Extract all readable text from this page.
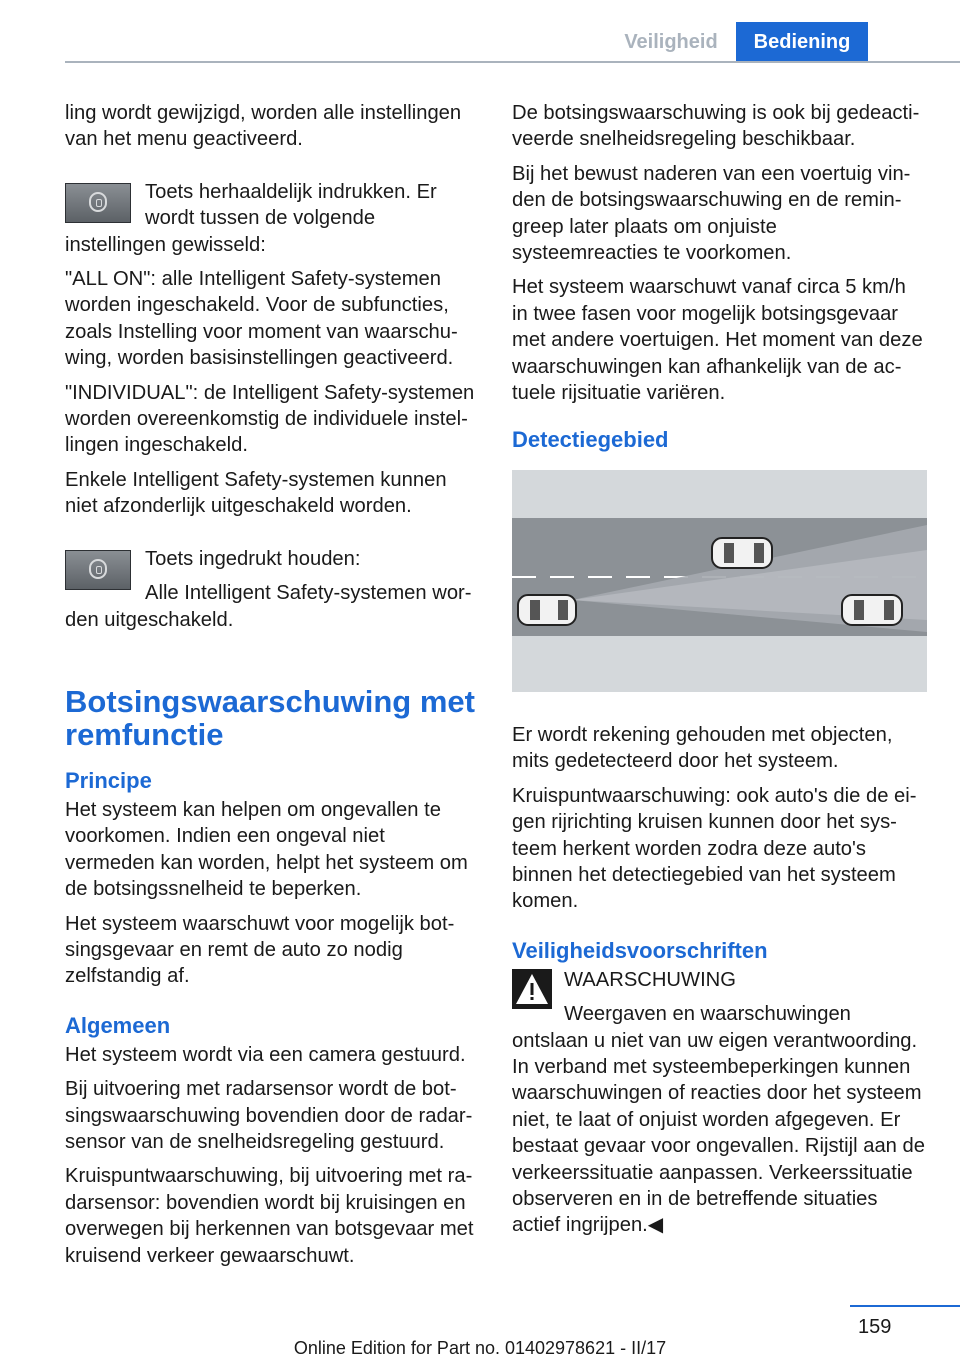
Veiligheid	Bediening

ling wordt gewijzigd, worden alle instellingen van het menu geactiveerd.

Toets herhaaldelijk indrukken. Er wordt tussen de volgende instellingen gewisseld:

"ALL ON": alle Intelligent Safety-systemen worden ingeschakeld. Voor de subfuncties, zoals Instelling voor moment van waarschuwing, worden basisinstellingen geactiveerd.

"INDIVIDUAL": de Intelligent Safety-systemen worden overeenkomstig de individuele instellingen ingeschakeld.

Enkele Intelligent Safety-systemen kunnen niet afzonderlijk uitgeschakeld worden.

Toets ingedrukt houden:

Alle Intelligent Safety-systemen worden uitgeschakeld.

Botsingswaarschuwing met remfunctie
Principe

Het systeem kan helpen om ongevallen te voorkomen. Indien een ongeval niet vermeden kan worden, helpt het systeem om de botsingssnelheid te beperken.

Het systeem waarschuwt voor mogelijk botsingsgevaar en remt de auto zo nodig zelfstandig af.

Algemeen

Het systeem wordt via een camera gestuurd.

Bij uitvoering met radarsensor wordt de botsingswaarschuwing bovendien door de radarsensor van de snelheidsregeling gestuurd.

Kruispuntwaarschuwing, bij uitvoering met radarsensor: bovendien wordt bij kruisingen en overwegen bij herkennen van botsgevaar met kruisend verkeer gewaarschuwt.

De botsingswaarschuwing is ook bij gedeactiveerde snelheidsregeling beschikbaar.

Bij het bewust naderen van een voertuig vinden de botsingswaarschuwing en de remingreep later plaats om onjuiste systeemreacties te voorkomen.

Het systeem waarschuwt vanaf circa 5 km/h in twee fasen voor mogelijk botsingsgevaar met andere voertuigen. Het moment van deze waarschuwingen kan afhankelijk van de actuele rijsituatie variëren.

Detectiegebied

Er wordt rekening gehouden met objecten, mits gedetecteerd door het systeem.

Kruispuntwaarschuwing: ook auto's die de eigen rijrichting kruisen kunnen door het systeem herkent worden zodra deze auto's binnen het detectiegebied van het systeem komen.

Veiligheidsvoorschriften

WAARSCHUWING

Weergaven en waarschuwingen ontslaan u niet van uw eigen verantwoording. In verband met systeembeperkingen kunnen waarschuwingen of reacties door het systeem niet, te laat of onjuist worden afgegeven. Er bestaat gevaar voor ongevallen. Rijstijl aan de verkeerssituatie aanpassen. Verkeerssituatie observeren en in de betreffende situaties actief ingrijpen.◀

159
Online Edition for Part no. 01402978621 - II/17
